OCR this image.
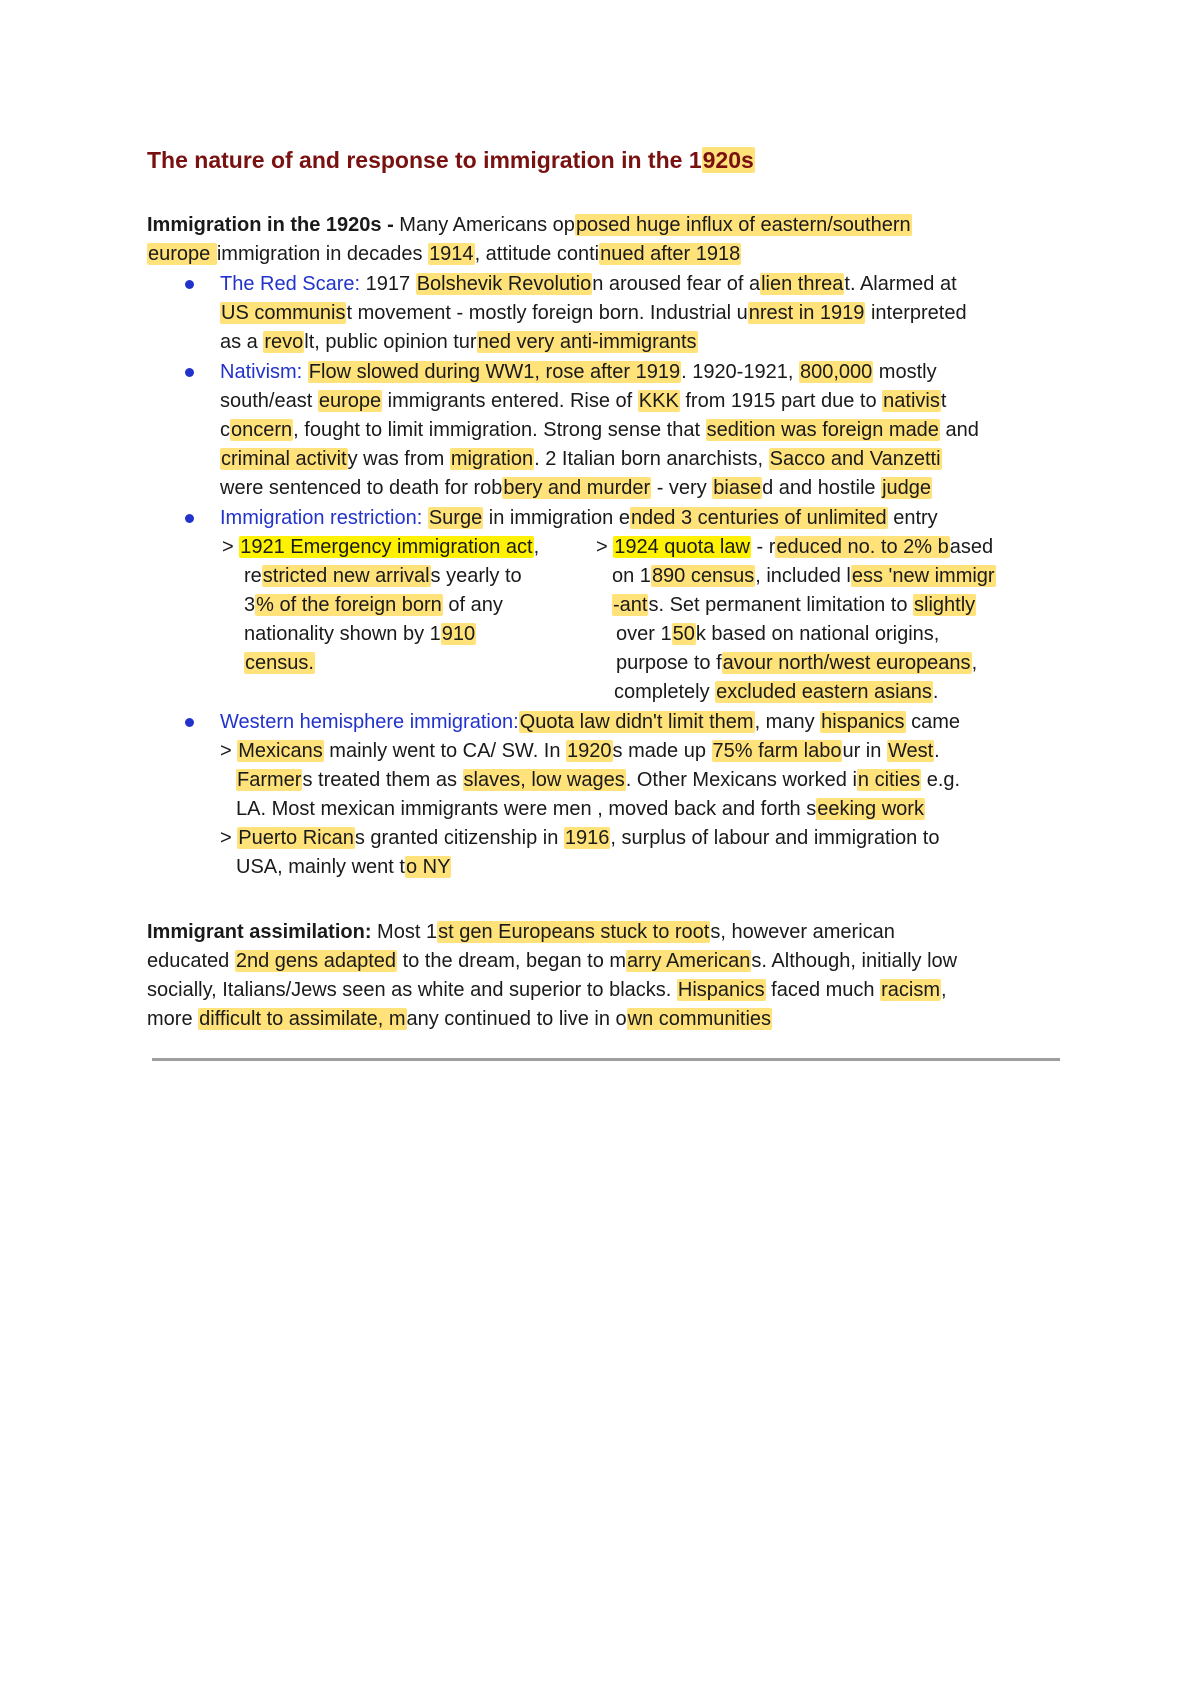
The nature of and response to immigration in the 1920s
Immigration in the 1920s - Many Americans opposed huge influx of eastern/southern
europe immigration in decades 1914, attitude continued after 1918
The Red Scare: 1917 Bolshevik Revolution aroused fear of alien threat. Alarmed at
US communist movement - mostly foreign born. Industrial unrest in 1919 interpreted
as a revolt, public opinion turned very anti-immigrants
Nativism: Flow slowed during WW1, rose after 1919. 1920-1921, 800,000 mostly
south/east europe immigrants entered. Rise of KKK from 1915 part due to nativist
concern, fought to limit immigration. Strong sense that sedition was foreign made and
criminal activity was from migration. 2 Italian born anarchists, Sacco and Vanzetti
were sentenced to death for robbery and murder - very biased and hostile judge
Immigration restriction: Surge in immigration ended 3 centuries of unlimited entry
> 1921 Emergency immigration act,
restricted new arrivals yearly to
3% of the foreign born of any
nationality shown by 1910
census.
> 1924 quota law - reduced no. to 2% based
on 1890 census, included less 'new immigr
-ants. Set permanent limitation to slightly
over 150k based on national origins,
purpose to favour north/west europeans,
completely excluded eastern asians.
Western hemisphere immigration:Quota law didn't limit them, many hispanics came
> Mexicans mainly went to CA/ SW. In 1920s made up 75% farm labour in West.
Farmers treated them as slaves, low wages. Other Mexicans worked in cities e.g.
LA. Most mexican immigrants were men , moved back and forth seeking work
> Puerto Ricans granted citizenship in 1916, surplus of labour and immigration to
USA, mainly went to NY
Immigrant assimilation: Most 1st gen Europeans stuck to roots, however american
educated 2nd gens adapted to the dream, began to marry Americans. Although, initially low
socially, Italians/Jews seen as white and superior to blacks. Hispanics faced much racism,
more difficult to assimilate, many continued to live in own communities
